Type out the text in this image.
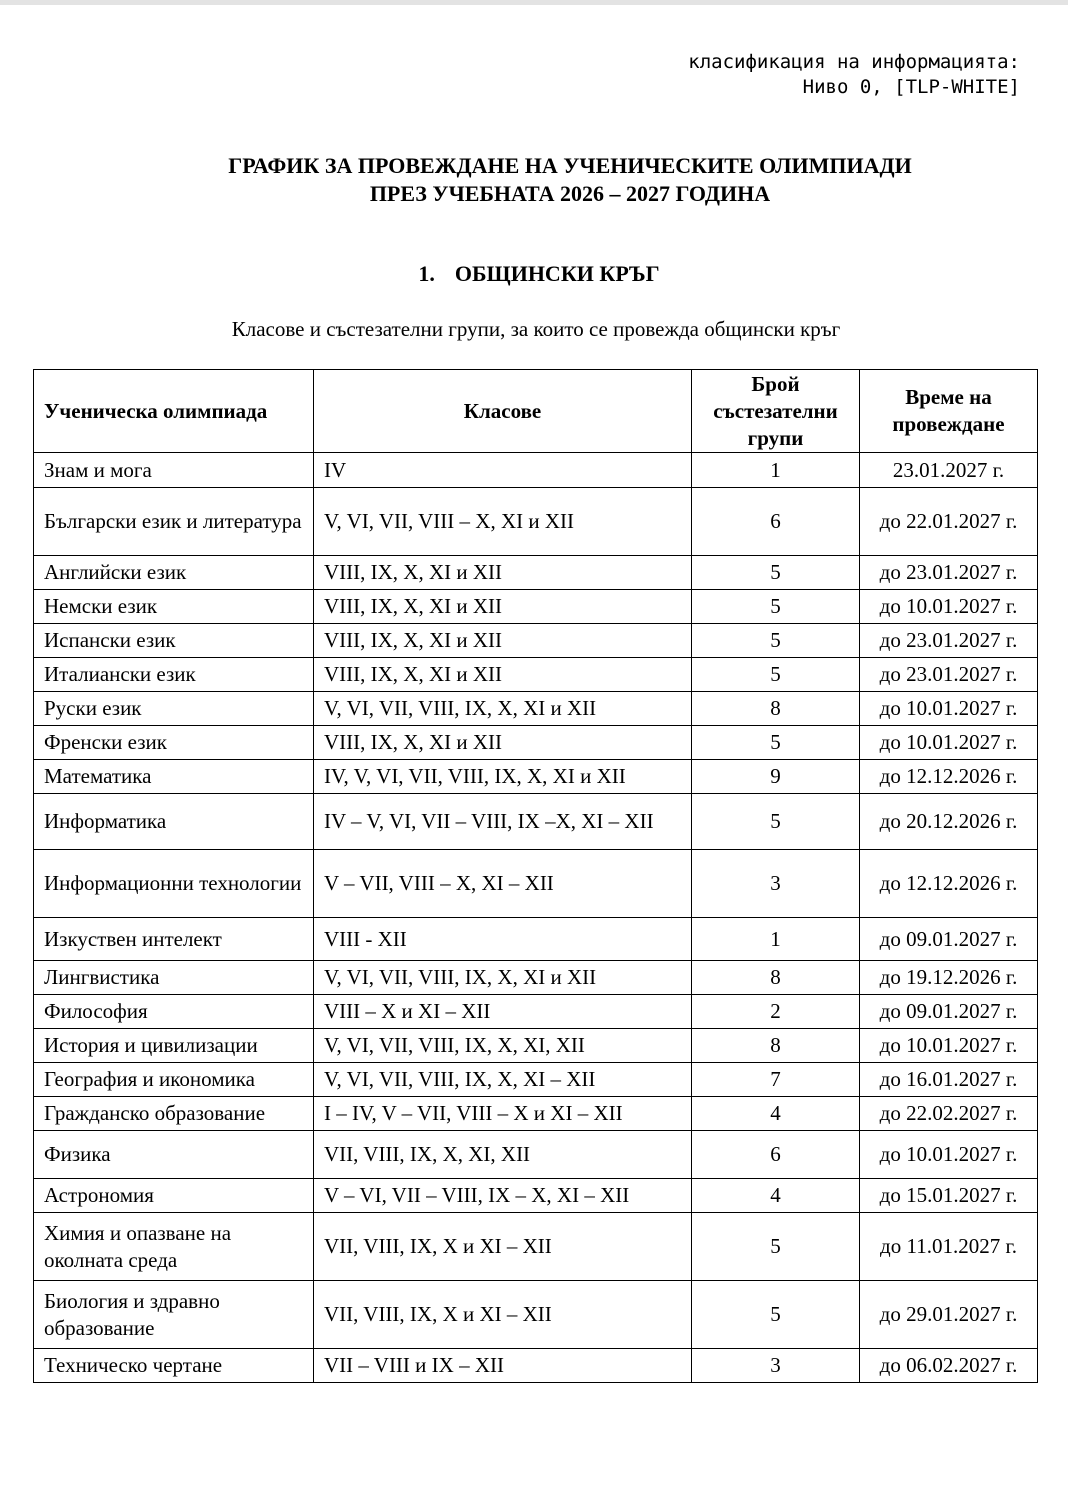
класификация на информацията:
Ниво 0, [TLP-WHITE]
ГРАФИК ЗА ПРОВЕЖДАНЕ НА УЧЕНИЧЕСКИТЕ ОЛИМПИАДИ
ПРЕЗ УЧЕБНАТА 2026 – 2027 ГОДИНА
1. ОБЩИНСКИ КРЪГ
Класове и състезателни групи, за които се провежда общински кръг
Ученическа олимпиада	Класове	Брой състезателни групи	Време на провеждане
Знам и мога	IV	1	23.01.2027 г.
Български език и литература	V, VI, VII, VIII – X, XI и XII	6	до 22.01.2027 г.
Английски език	VIII, IX, X, XI и XII	5	до 23.01.2027 г.
Немски език	VIII, IX, X, XI и XII	5	до 10.01.2027 г.
Испански език	VIII, IX, X, XI и XII	5	до 23.01.2027 г.
Италиански език	VIII, IX, X, XI и XII	5	до 23.01.2027 г.
Руски език	V, VI, VII, VIII, IX, X, XI и XII	8	до 10.01.2027 г.
Френски език	VIII, IX, X, XI и XII	5	до 10.01.2027 г.
Математика	IV, V, VI, VII, VIII, IX, X, XI и XII	9	до 12.12.2026 г.
Информатика	IV – V, VI, VII – VIII, IX –X, XI – XII	5	до 20.12.2026 г.
Информационни технологии	V – VII, VIII – X, XI – XII	3	до 12.12.2026 г.
Изкуствен интелект	VIII - XII	1	до 09.01.2027 г.
Лингвистика	V, VI, VII, VIII, IX, X, XI и XII	8	до 19.12.2026 г.
Философия	VIII – X и XI – XII	2	до 09.01.2027 г.
История и цивилизации	V, VI, VII, VIII, IX, X, XI, XII	8	до 10.01.2027 г.
География и икономика	V, VI, VII, VIII, IX, X, XI – XII	7	до 16.01.2027 г.
Гражданско образование	I – IV, V – VII, VIII – X и XI – XII	4	до 22.02.2027 г.
Физика	VII, VIII, IX, X, XI, XII	6	до 10.01.2027 г.
Астрономия	V – VI, VII – VIII, IX – X, XI – XII	4	до 15.01.2027 г.
Химия и опазване на околната среда	VII, VIII, IX, X и XI – XII	5	до 11.01.2027 г.
Биология и здравно образование	VII, VIII, IX, X и XI – XII	5	до 29.01.2027 г.
Техническо чертане	VII – VIII и IX – XII	3	до 06.02.2027 г.
